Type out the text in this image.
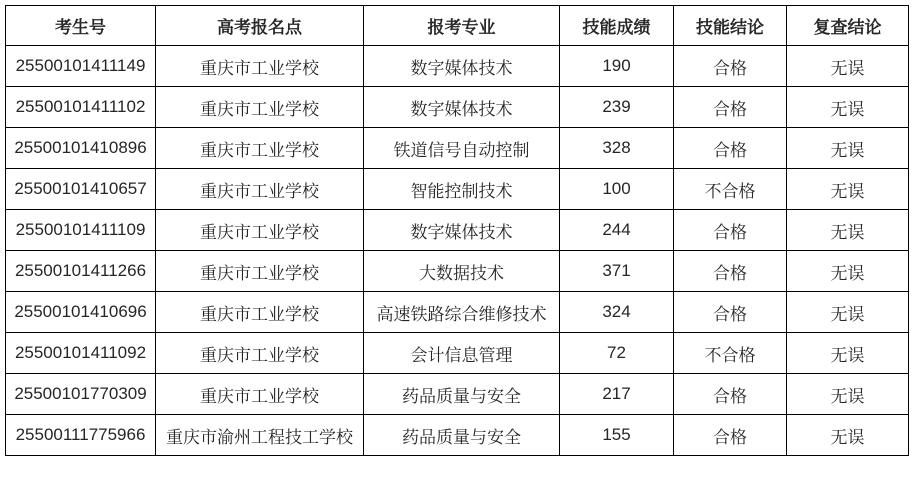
考生号	高考报名点	报考专业	技能成绩	技能结论	复查结论
25500101411149	重庆市工业学校	数字媒体技术	190	合格	无误
25500101411102	重庆市工业学校	数字媒体技术	239	合格	无误
25500101410896	重庆市工业学校	铁道信号自动控制	328	合格	无误
25500101410657	重庆市工业学校	智能控制技术	100	不合格	无误
25500101411109	重庆市工业学校	数字媒体技术	244	合格	无误
25500101411266	重庆市工业学校	大数据技术	371	合格	无误
25500101410696	重庆市工业学校	高速铁路综合维修技术	324	合格	无误
25500101411092	重庆市工业学校	会计信息管理	72	不合格	无误
25500101770309	重庆市工业学校	药品质量与安全	217	合格	无误
25500111775966	重庆市渝州工程技工学校	药品质量与安全	155	合格	无误
